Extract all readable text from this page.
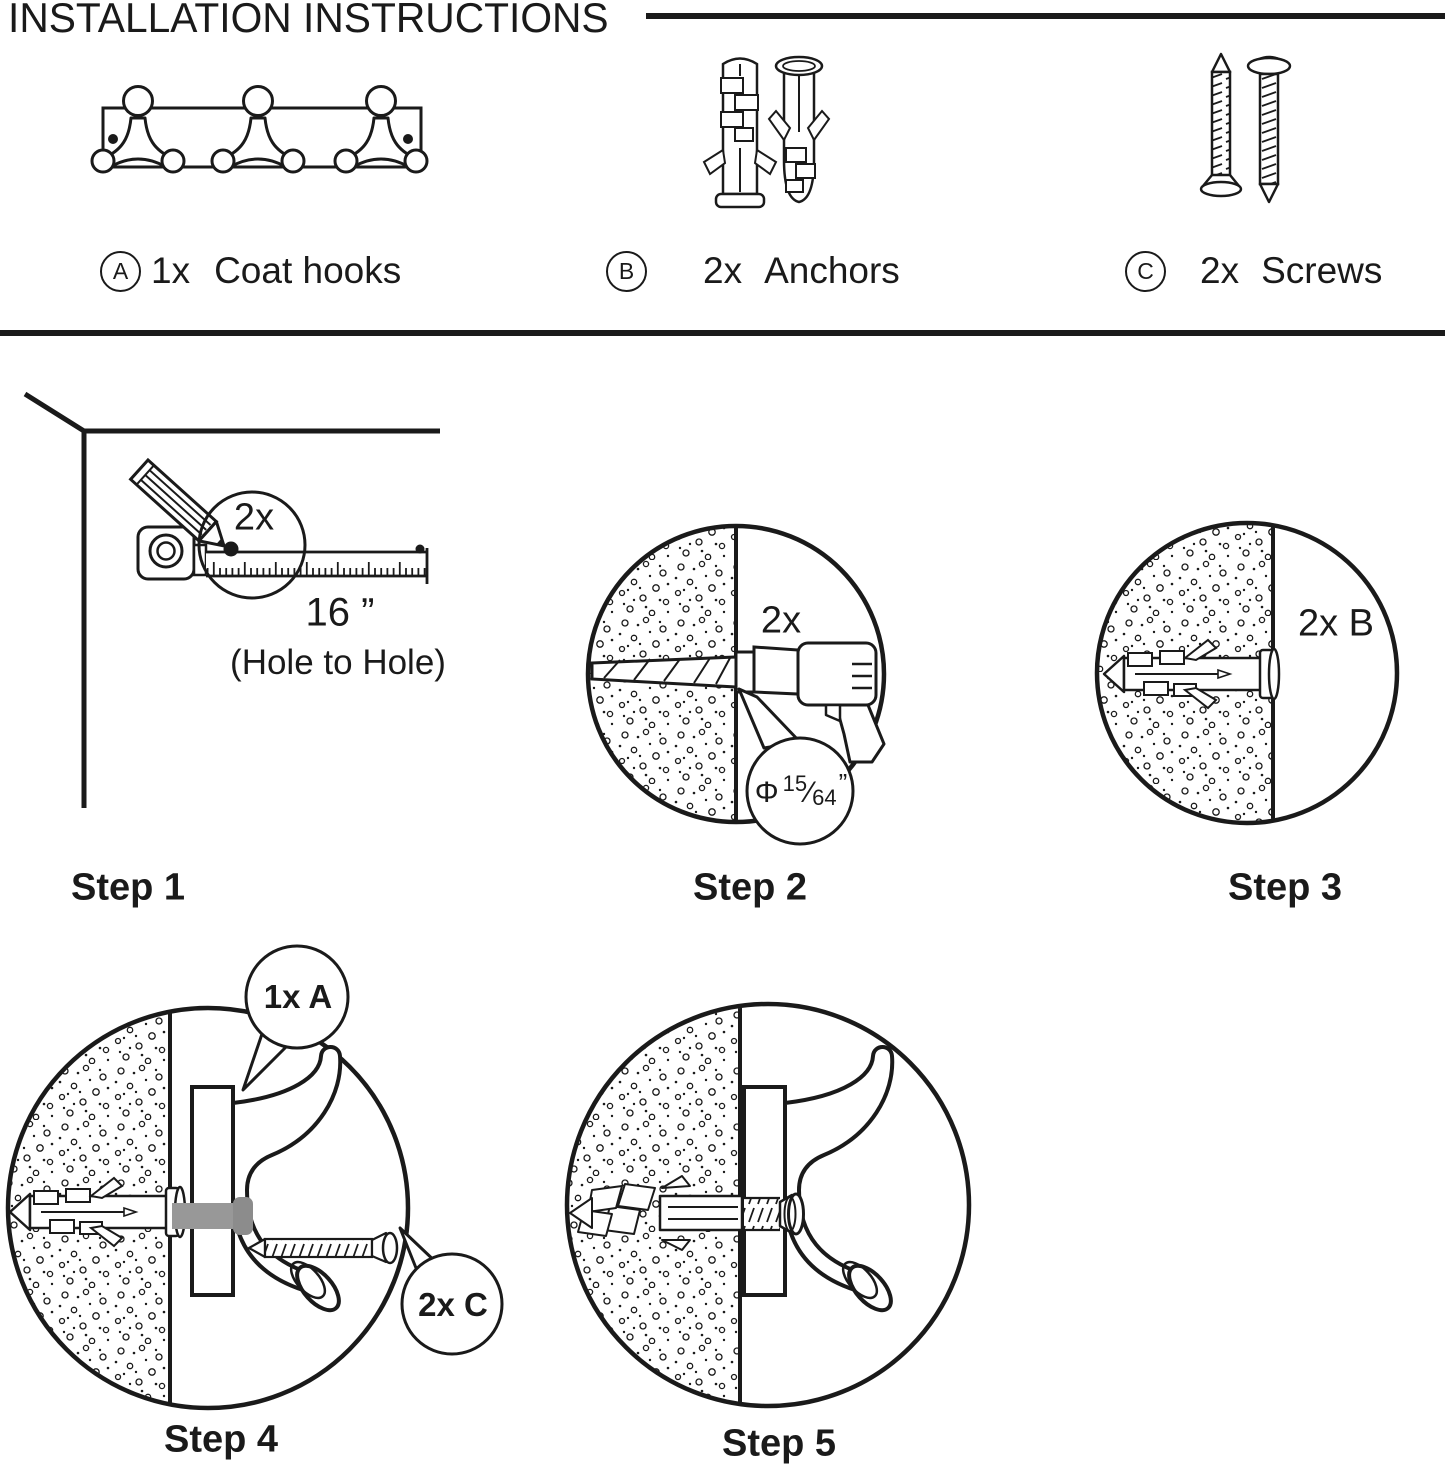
INSTALLATION INSTRUCTIONS
A 1x Coat hooks	B	2x Anchors	C	2x Screws
2x
16 ”
(Hole to Hole)
2x
Φ 15 ⁄ 64 ”
2x B
1x A
2x C
Step 1	Step 2	Step 3
Step 4	Step 5
